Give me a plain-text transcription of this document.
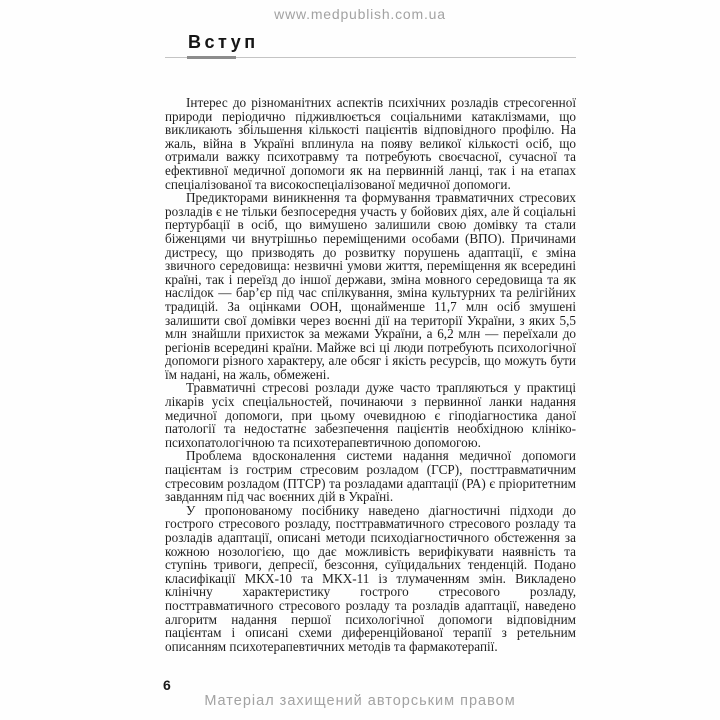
www.medpublish.com.ua
Вступ

Інтерес до різноманітних аспектів психічних розладів стресогенної природи періодично підживлюється соціальними катаклізмами, що викликають збільшення кількості пацієнтів відповідного профілю. На жаль, війна в Україні вплинула на появу великої кількості осіб, що отримали важку психотравму та потребують своєчасної, сучасної та ефективної медичної допомоги як на первинній ланці, так і на етапах спеціалізованої та високоспеціалізованої медичної допомоги.

Предикторами виникнення та формування травматичних стресових розладів є не тільки безпосередня участь у бойових діях, але й соціальні пертурбації в осіб, що вимушено залишили свою домівку та стали біженцями чи внутрішньо переміщеними особами (ВПО). Причинами дистресу, що призводять до розвитку порушень адаптації, є зміна звичного середовища: незвичні умови життя, переміщення як всередині країні, так і переїзд до іншої держави, зміна мовного середовища та як наслідок — бар’єр під час спілкування, зміна культурних та релігійних традицій. За оцінками ООН, щонайменше 11,7 млн осіб змушені залишити свої домівки через воєнні дії на території України, з яких 5,5 млн знайшли прихисток за межами України, а 6,2 млн — переїхали до регіонів всередині країни. Майже всі ці люди потребують психологічної допомоги різного характеру, але обсяг і якість ресурсів, що можуть бути їм надані, на жаль, обмежені.

Травматичні стресові розлади дуже часто трапляються у практиці лікарів усіх спеціальностей, починаючи з первинної ланки надання медичної допомоги, при цьому очевидною є гіподіагностика даної патології та недостатнє забезпечення пацієнтів необхідною клініко-психопатологічною та психотерапевтичною допомогою.

Проблема вдосконалення системи надання медичної допомоги пацієнтам із гострим стресовим розладом (ГСР), посттравматичним стресовим розладом (ПТСР) та розладами адаптації (РА) є пріоритетним завданням під час воєнних дій в Україні.

У пропонованому посібнику наведено діагностичні підходи до гострого стресового розладу, посттравматичного стресового розладу та розладів адаптації, описані методи психодіагностичного обстеження за кожною нозологією, що дає можливість верифікувати наявність та ступінь тривоги, депресії, безсоння, суїцидальних тенденцій. Подано класифікації МКХ-10 та МКХ-11 із тлумаченням змін. Викладено клінічну характеристику гострого стресового розладу, посттравматичного стресового розладу та розладів адаптації, наведено алгоритм надання першої психологічної допомоги відповідним пацієнтам і описані схеми диференційованої терапії з ретельним описанням психотерапевтичних методів та фармакотерапії.

6
Матеріал захищений авторським правом
